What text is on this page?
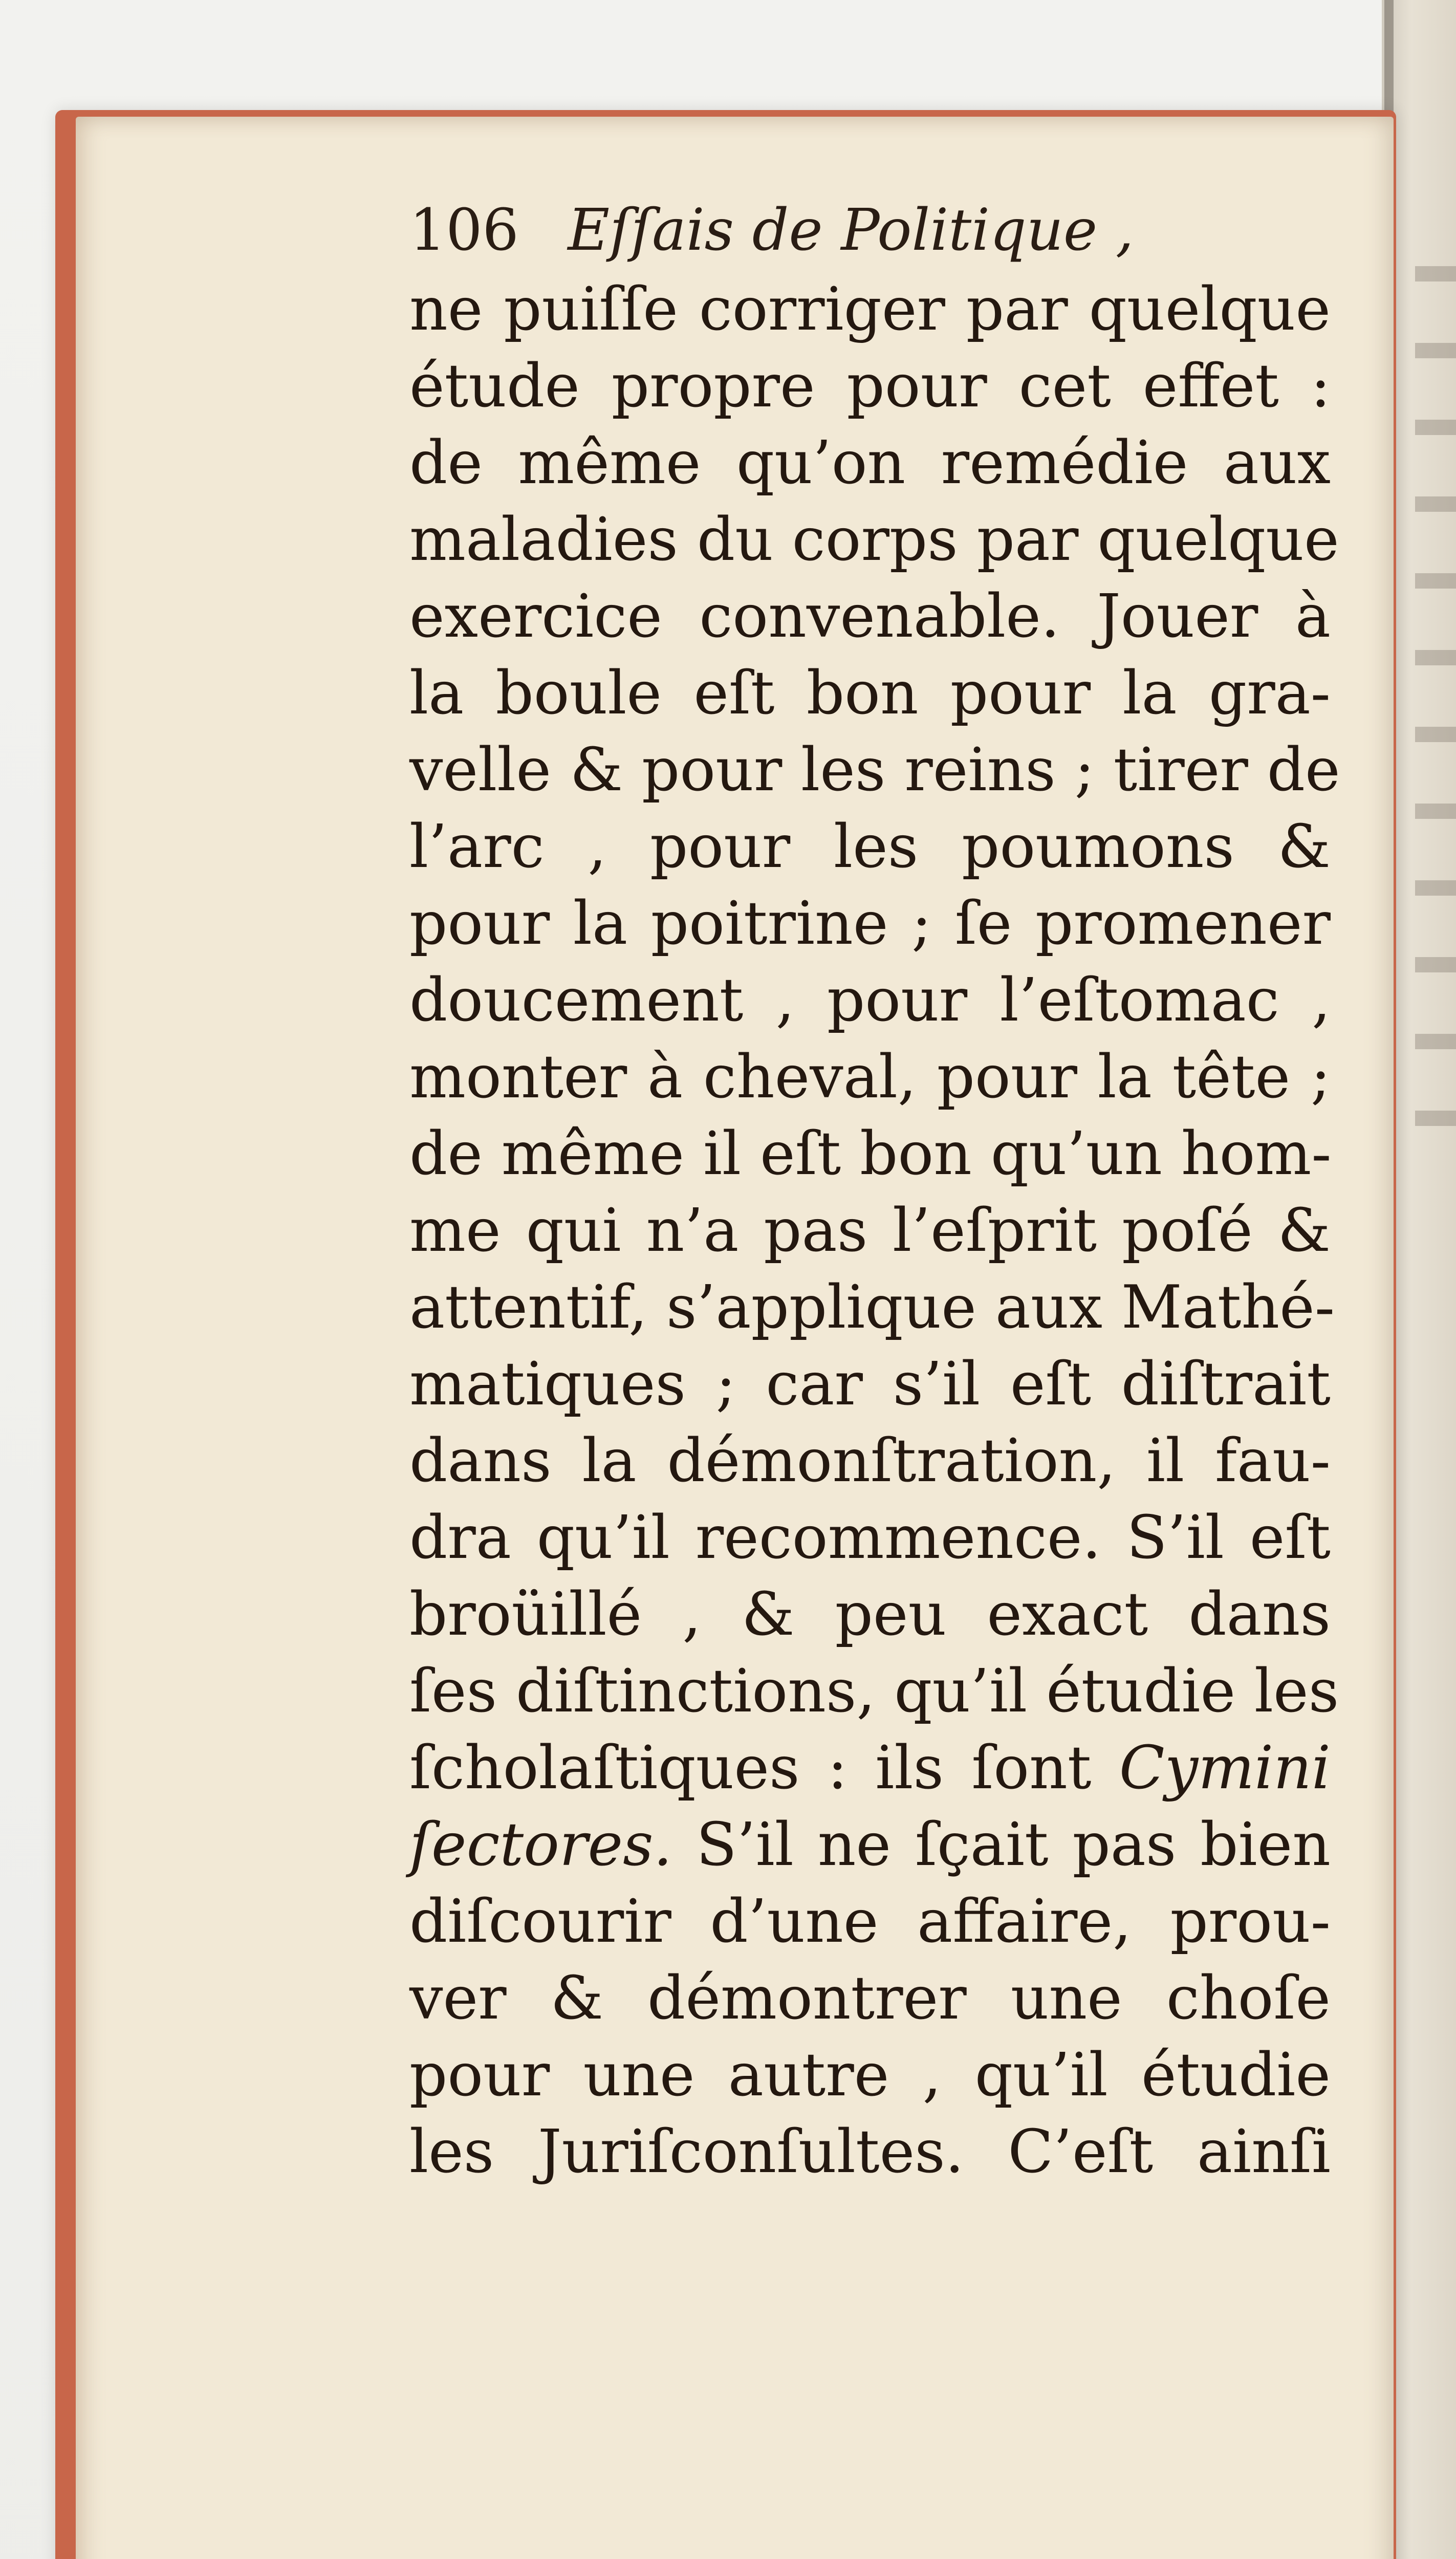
106 Eſſais de Politique ,
ne puiſſe corriger par quelque
étude propre pour cet effet :
de même qu’on remédie aux
maladies du corps par quelque
exercice convenable. Jouer à
la boule eſt bon pour la gra-
velle & pour les reins ; tirer de
l’arc , pour les poumons &
pour la poitrine ; ſe promener
doucement , pour l’eſtomac ,
monter à cheval, pour la tête ;
de même il eſt bon qu’un hom-
me qui n’a pas l’eſprit poſé &
attentif, s’applique aux Mathé-
matiques ; car s’il eſt diſtrait
dans la démonſtration, il fau-
dra qu’il recommence. S’il eſt
broüillé , & peu exact dans
ſes diſtinctions, qu’il étudie les
ſcholaſtiques : ils ſont Cymini
ſectores. S’il ne ſçait pas bien
diſcourir d’une affaire, prou-
ver & démontrer une choſe
pour une autre , qu’il étudie
les Juriſconſultes. C’eſt ainſi
